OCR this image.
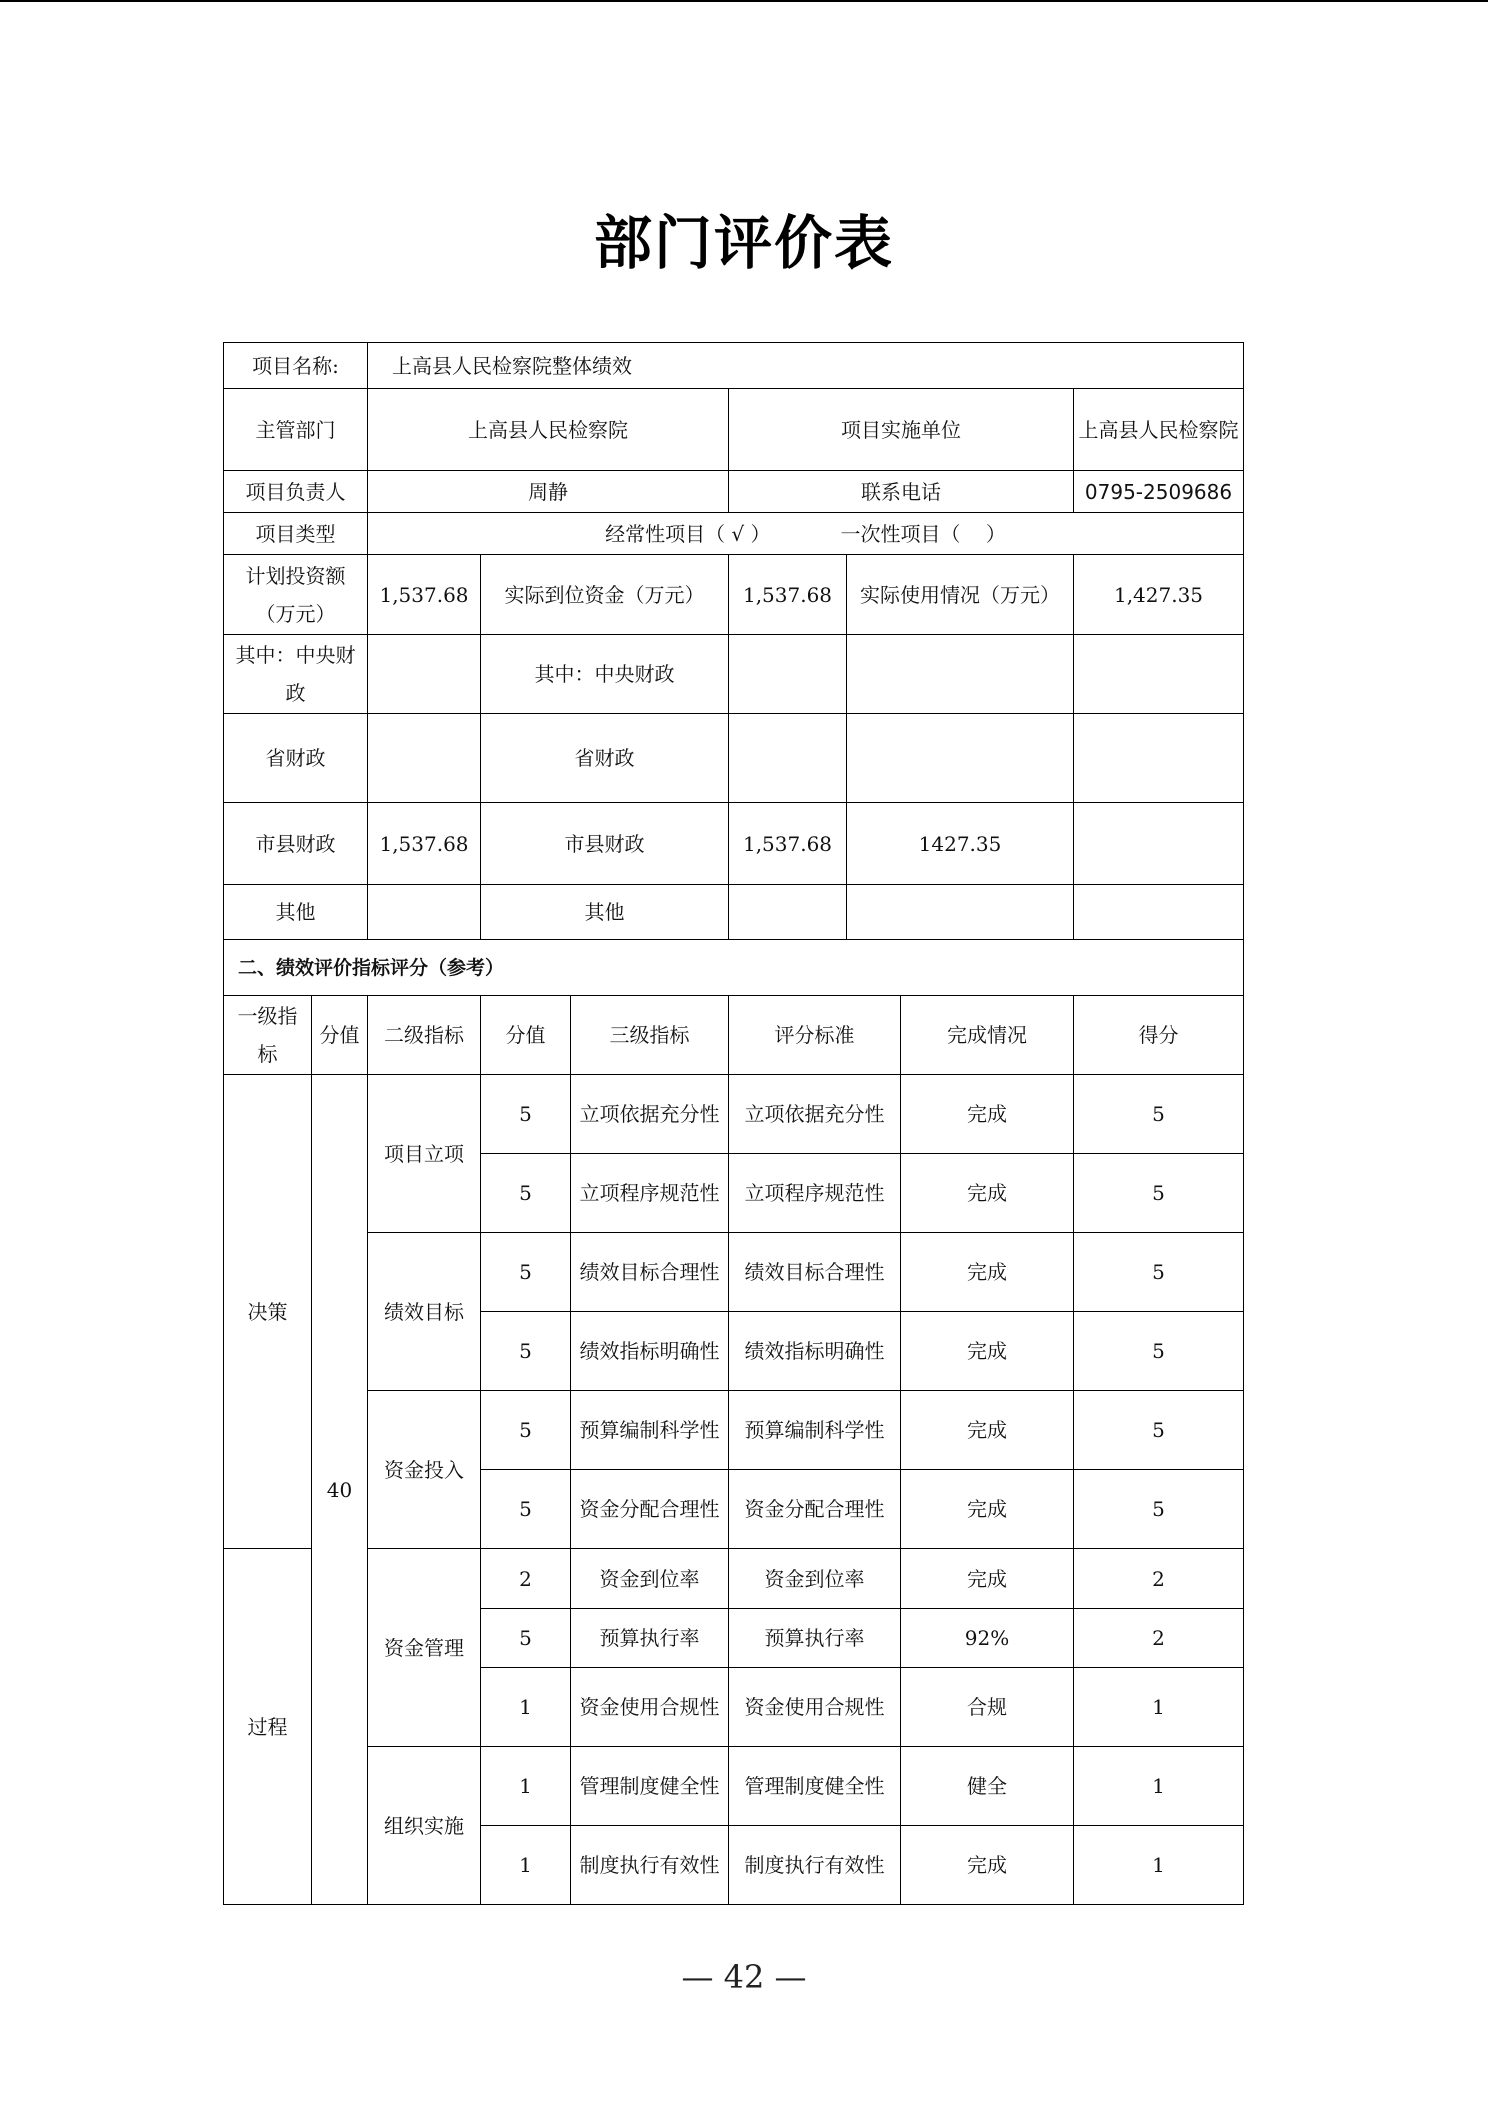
部门评价表
项目名称:		上高县人民检察院整体绩效						
主管部门		上高县人民检察院			项目实施单位			上高县人民检察院
项目负责人		周静			联系电话			0795-2509686
项目类型		经常性项目（ √ ）           一次性项目（    ）						
计划投资额（万元）		1,537.68	实际到位资金（万元）		1,537.68	实际使用情况（万元）		1,427.35
其中：中央财政			其中：中央财政					
省财政			省财政					
市县财政		1,537.68	市县财政		1,537.68	1427.35		
其他			其他					
二、绩效评价指标评分（参考）								
一级指标	分值	二级指标	分值	三级指标	评分标准		完成情况	得分
决策	40	项目立项	5	立项依据充分性	立项依据充分性		完成	5
			5	立项程序规范性	立项程序规范性		完成	5
		绩效目标	5	绩效目标合理性	绩效目标合理性		完成	5
			5	绩效指标明确性	绩效指标明确性		完成	5
		资金投入	5	预算编制科学性	预算编制科学性		完成	5
			5	资金分配合理性	资金分配合理性		完成	5
过程		资金管理	2	资金到位率	资金到位率		完成	2
			5	预算执行率	预算执行率		92%	2
			1	资金使用合规性	资金使用合规性		合规	1
		组织实施	1	管理制度健全性	管理制度健全性		健全	1
			1	制度执行有效性	制度执行有效性		完成	1
— 42 —
